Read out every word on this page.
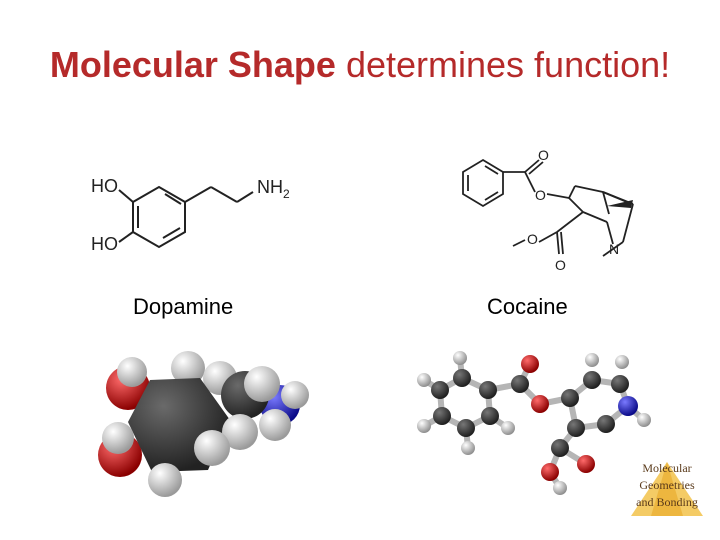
Molecular Shape determines function!
HO
HO
$NH_2$
O
O
O
O
N
Dopamine	Cocaine
Molecular
Geometries
and Bonding
